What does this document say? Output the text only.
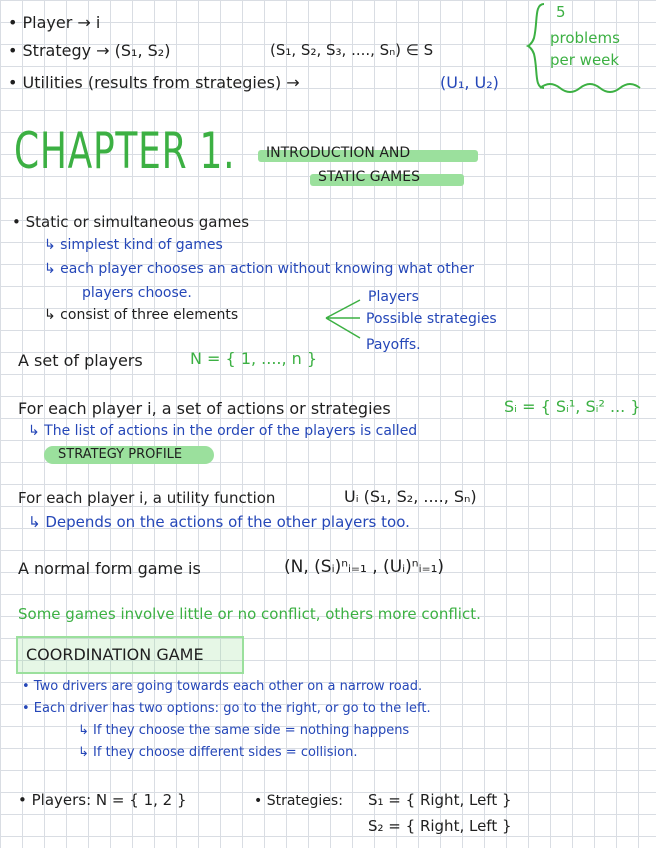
• Player → i
• Strategy → (S₁, S₂)	(S₁, S₂, S₃, ...., Sₙ) ∈ S
• Utilities (results from strategies) →	(U₁, U₂)
5
problems
per week
CHAPTER 1. INTRODUCTION AND
STATIC GAMES
• Static or simultaneous games
↳ simplest kind of games
↳ each player chooses an action without knowing what other
players choose.
↳ consist of three elements
Players
Possible strategies
Payoffs.
A set of players	N = { 1, ...., n }
For each player i, a set of actions or strategies	Sᵢ = { Sᵢ¹, Sᵢ² ... }
↳ The list of actions in the order of the players is called
STRATEGY PROFILE
For each player i, a utility function	Uᵢ (S₁, S₂, ...., Sₙ)
↳ Depends on the actions of the other players too.
A normal form game is	(N, (Sᵢ)ⁿᵢ₌₁ , (Uᵢ)ⁿᵢ₌₁)
Some games involve little or no conflict, others more conflict.
COORDINATION GAME
• Two drivers are going towards each other on a narrow road.
• Each driver has two options: go to the right, or go to the left.
↳ If they choose the same side = nothing happens
↳ If they choose different sides = collision.
• Players: N = { 1, 2 }	• Strategies: S₁ = { Right, Left }
S₂ = { Right, Left }
